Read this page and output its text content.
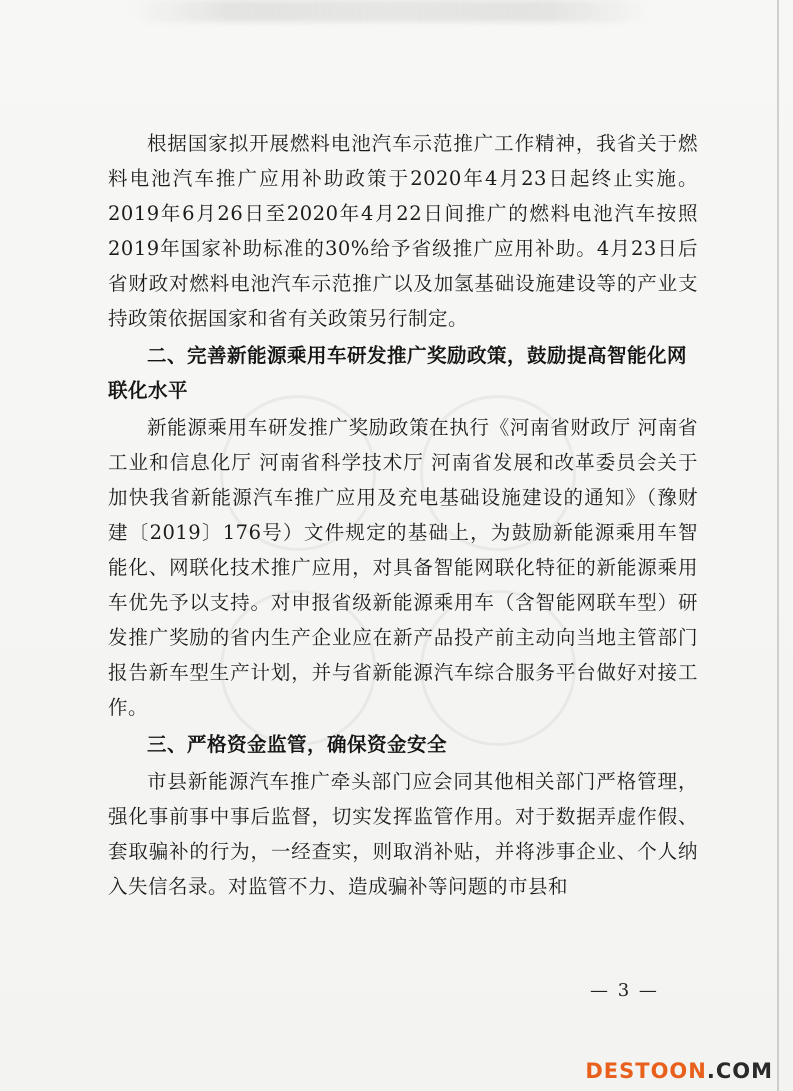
根据国家拟开展燃料电池汽车示范推广工作精神，我省关于燃料电池汽车推广应用补助政策于2020年4月23日起终止实施。2019年6月26日至2020年4月22日间推广的燃料电池汽车按照2019年国家补助标准的30%给予省级推广应用补助。4月23日后省财政对燃料电池汽车示范推广以及加氢基础设施建设等的产业支持政策依据国家和省有关政策另行制定。

二、完善新能源乘用车研发推广奖励政策，鼓励提高智能化网联化水平

新能源乘用车研发推广奖励政策在执行《河南省财政厅 河南省工业和信息化厅 河南省科学技术厅 河南省发展和改革委员会关于加快我省新能源汽车推广应用及充电基础设施建设的通知》（豫财建〔2019〕176号）文件规定的基础上，为鼓励新能源乘用车智能化、网联化技术推广应用，对具备智能网联化特征的新能源乘用车优先予以支持。对申报省级新能源乘用车（含智能网联车型）研发推广奖励的省内生产企业应在新产品投产前主动向当地主管部门报告新车型生产计划，并与省新能源汽车综合服务平台做好对接工作。

三、严格资金监管，确保资金安全

市县新能源汽车推广牵头部门应会同其他相关部门严格管理，强化事前事中事后监督，切实发挥监管作用。对于数据弄虚作假、套取骗补的行为，一经查实，则取消补贴，并将涉事企业、个人纳入失信名录。对监管不力、造成骗补等问题的市县和

— 3 —
DESTOON.COM
